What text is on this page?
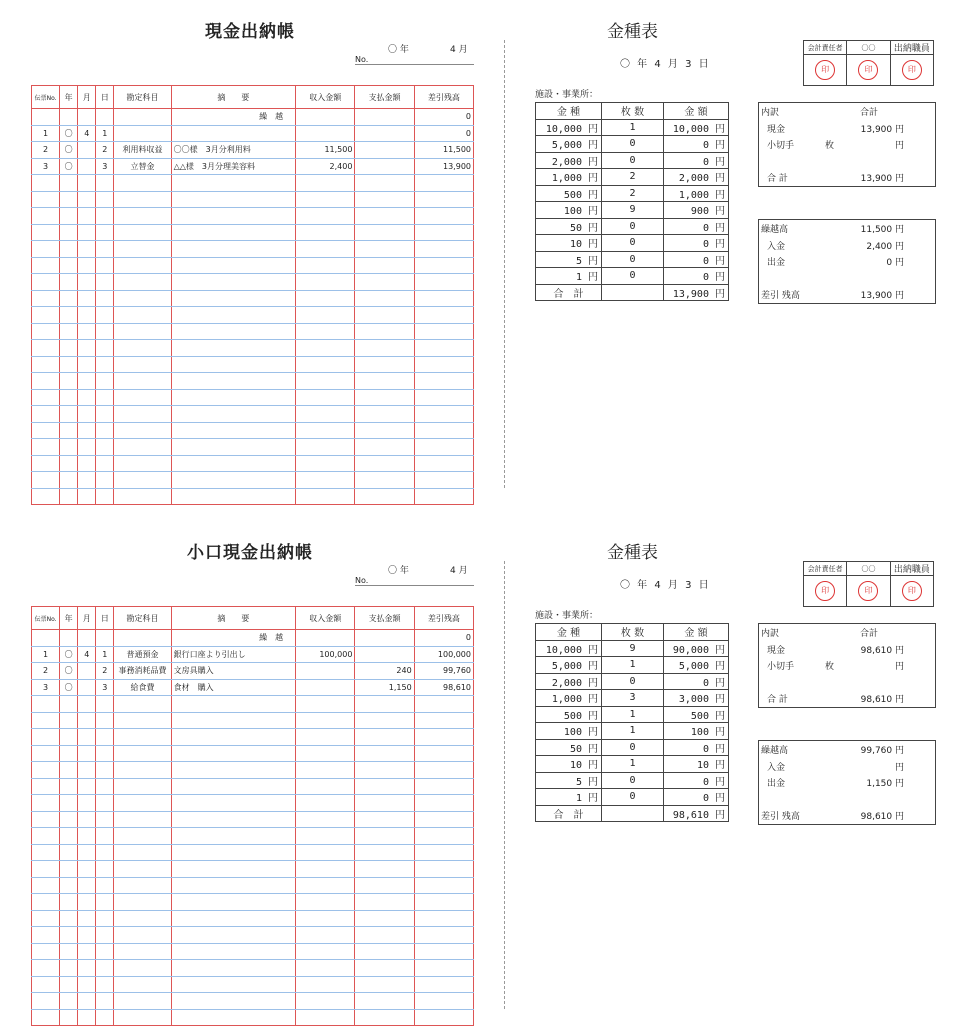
現金出納帳
〇 年	4 月
No.
伝票No.	年	月	日	勘定科目	摘　　要	収入金額	支払金額	差引残高
					繰　越			0
1	〇	4	1					0
2	〇		2	利用料収益	〇〇様　3月分利用料	11,500		11,500
3	〇		3	立替金	△△様　3月分理美容料	2,400		13,900

金種表
〇 年 4 月 3 日
施設・事業所：
会計責任者	〇〇	出納職員
印	印	印
金 種	枚 数	金 額
10,000 円	1	10,000 円
5,000 円	0	0 円
2,000 円	0	0 円
1,000 円	2	2,000 円
500 円	2	1,000 円
100 円	9	900 円
50 円	0	0 円
10 円	0	0 円
5 円	0	0 円
1 円	0	0 円
合　計		13,900 円
内訳	合計
現金	13,900 円
小切手	枚	円
合 計	13,900 円
繰越高	11,500 円
入金	2,400 円
出金	0 円
差引 残高	13,900 円
小口現金出納帳
〇 年	4 月
No.
伝票No.	年	月	日	勘定科目	摘　　要	収入金額	支払金額	差引残高
					繰　越			0
1	〇	4	1	普通預金	銀行口座より引出し	100,000		100,000
2	〇		2	事務消耗品費	文房具購入		240	99,760
3	〇		3	給食費	食材　購入		1,150	98,610

金種表
〇 年 4 月 3 日
施設・事業所：
会計責任者	〇〇	出納職員
印	印	印
金 種	枚 数	金 額
10,000 円	9	90,000 円
5,000 円	1	5,000 円
2,000 円	0	0 円
1,000 円	3	3,000 円
500 円	1	500 円
100 円	1	100 円
50 円	0	0 円
10 円	1	10 円
5 円	0	0 円
1 円	0	0 円
合　計		98,610 円
内訳	合計
現金	98,610 円
小切手	枚	円
合 計	98,610 円
繰越高	99,760 円
入金	円
出金	1,150 円
差引 残高	98,610 円
